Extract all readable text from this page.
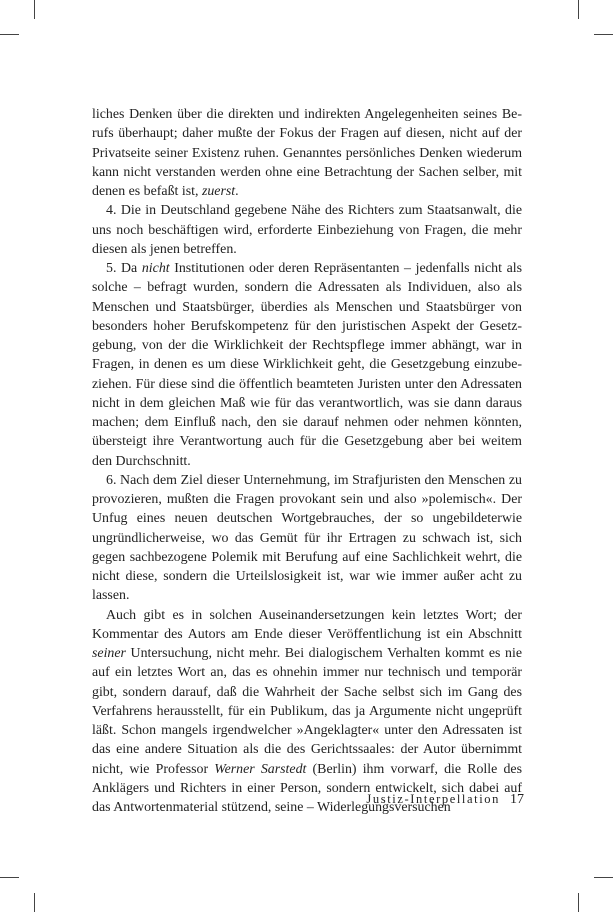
liches Denken über die direkten und indirekten Angelegenheiten seines Berufs überhaupt; daher mußte der Fokus der Fragen auf diesen, nicht auf der Privatseite seiner Existenz ruhen. Genanntes persönliches Denken wiederum kann nicht verstanden werden ohne eine Betrachtung der Sachen selber, mit denen es befaßt ist, zuerst.

4. Die in Deutschland gegebene Nähe des Richters zum Staatsanwalt, die uns noch beschäftigen wird, erforderte Einbeziehung von Fragen, die mehr diesen als jenen betreffen.

5. Da nicht Institutionen oder deren Repräsentanten – jedenfalls nicht als solche – befragt wurden, sondern die Adressaten als Individuen, also als Menschen und Staatsbürger, überdies als Menschen und Staatsbürger von besonders hoher Berufskompetenz für den juristischen Aspekt der Gesetzgebung, von der die Wirklichkeit der Rechtspflege immer abhängt, war in Fragen, in denen es um diese Wirklichkeit geht, die Gesetzgebung einzubeziehen. Für diese sind die öffentlich beamteten Juristen unter den Adressaten nicht in dem gleichen Maß wie für das verantwortlich, was sie dann daraus machen; dem Einfluß nach, den sie darauf nehmen oder nehmen könnten, übersteigt ihre Verantwortung auch für die Gesetzgebung aber bei weitem den Durchschnitt.

6. Nach dem Ziel dieser Unternehmung, im Strafjuristen den Menschen zu provozieren, mußten die Fragen provokant sein und also »polemisch«. Der Unfug eines neuen deutschen Wortgebrauches, der so ungebildeterwie ungründlicherweise, wo das Gemüt für ihr Ertragen zu schwach ist, sich gegen sachbezogene Polemik mit Berufung auf eine Sachlichkeit wehrt, die nicht diese, sondern die Urteilslosigkeit ist, war wie immer außer acht zu lassen.

Auch gibt es in solchen Auseinandersetzungen kein letztes Wort; der Kommentar des Autors am Ende dieser Veröffentlichung ist ein Abschnitt seiner Untersuchung, nicht mehr. Bei dialogischem Verhalten kommt es nie auf ein letztes Wort an, das es ohnehin immer nur technisch und temporär gibt, sondern darauf, daß die Wahrheit der Sache selbst sich im Gang des Verfahrens herausstellt, für ein Publikum, das ja Argumente nicht ungeprüft läßt. Schon mangels irgendwelcher »Angeklagter« unter den Adressaten ist das eine andere Situation als die des Gerichtssaales: der Autor übernimmt nicht, wie Professor Werner Sarstedt (Berlin) ihm vorwarf, die Rolle des Anklägers und Richters in einer Person, sondern entwickelt, sich dabei auf das Antwortenmaterial stützend, seine – Widerlegungsversuchen

Justiz-Interpellation 17
